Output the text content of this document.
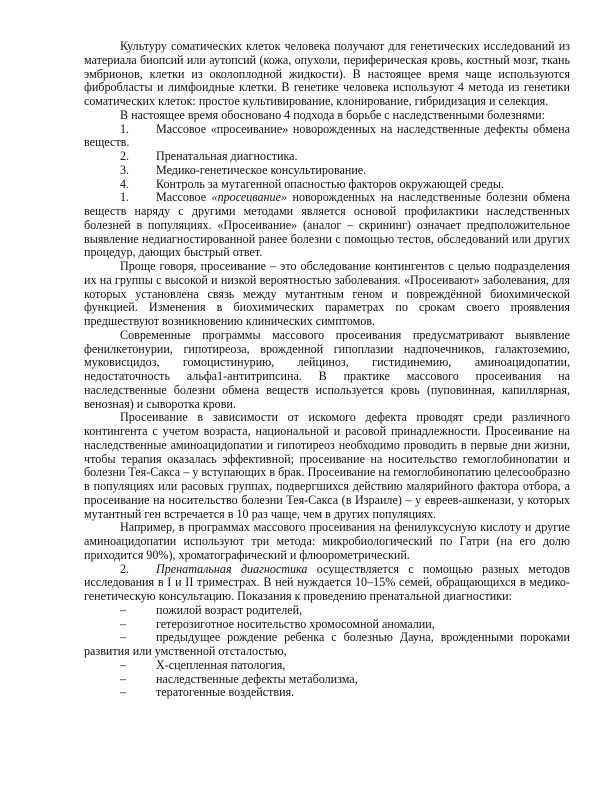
Культуру соматических клеток человека получают для генетических исследований из материала биопсий или аутопсий (кожа, опухоли, периферическая кровь, костный мозг, ткань эмбрионов, клетки из околоплодной жидкости). В настоящее время чаще используются фибробласты и лимфоидные клетки. В генетике человека используют 4 метода из генетики соматических клеток: простое культивирование, клонирование, гибридизация и селекция.

В настоящее время обосновано 4 подхода в борьбе с наследственными болезнями:

1. Массовое «просеивание» новорожденных на наследственные дефекты обмена веществ.

2. Пренатальная диагностика.

3. Медико-генетическое консультирование.

4. Контроль за мутагенной опасностью факторов окружающей среды.

1. Массовое «просеивание» новорожденных на наследственные болезни обмена веществ наряду с другими методами является основой профилактики наследственных болезней в популяциях. «Просеивание» (аналог – скрининг) означает предположительное выявление недиагностированной ранее болезни с помощью тестов, обследований или других процедур, дающих быстрый ответ.

Проще говоря, просеивание – это обследование контингентов с целью подразделения их на группы с высокой и низкой вероятностью заболевания. «Просеивают» заболевания, для которых установлена связь между мутантным геном и повреждённой биохимической функцией. Изменения в биохимических параметрах по срокам своего проявления предшествуют возникновению клинических симптомов.

Современные программы массового просеивания предусматривают выявление фенилкетонурии, гипотиреоза, врожденной гипоплазии надпочечников, галактоземию, муковисцидоз, гомоцистинурию, лейциноз, гистидинемию, аминоацидопатии, недостаточность альфа1-антитрипсина. В практике массового просеивания на наследственные болезни обмена веществ используется кровь (пуповинная, капиллярная, венозная) и сыворотка крови.

Просеивание в зависимости от искомого дефекта проводят среди различного контингента с учетом возраста, национальной и расовой принадлежности. Просеивание на наследственные аминоацидопатии и гипотиреоз необходимо проводить в первые дни жизни, чтобы терапия оказалась эффективной; просеивание на носительство гемоглобинопатии и болезни Тея-Сакса – у вступающих в брак. Просеивание на гемоглобинопатию целесообразно в популяциях или расовых группах, подвергшихся действию малярийного фактора отбора, а просеивание на носительство болезни Тея-Сакса (в Израиле) – у евреев-ашкенази, у которых мутантный ген встречается в 10 раз чаще, чем в других популяциях.

Например, в программах массового просеивания на фенилуксусную кислоту и другие аминоацидопатии используют три метода: микробиологический по Гатри (на его долю приходится 90%), хроматографический и флюорометрический.

2. Пренатальная диагностика осуществляется с помощью разных методов исследования в I и II триместрах. В ней нуждается 10–15% семей, обращающихся в медико-генетическую консультацию. Показания к проведению пренатальной диагностики:

– пожилой возраст родителей,

– гетерозиготное носительство хромосомной аномалии,

– предыдущее рождение ребенка с болезнью Дауна, врожденными пороками развития или умственной отсталостью,

– Х-сцепленная патология,

– наследственные дефекты метаболизма,

– тератогенные воздействия.
